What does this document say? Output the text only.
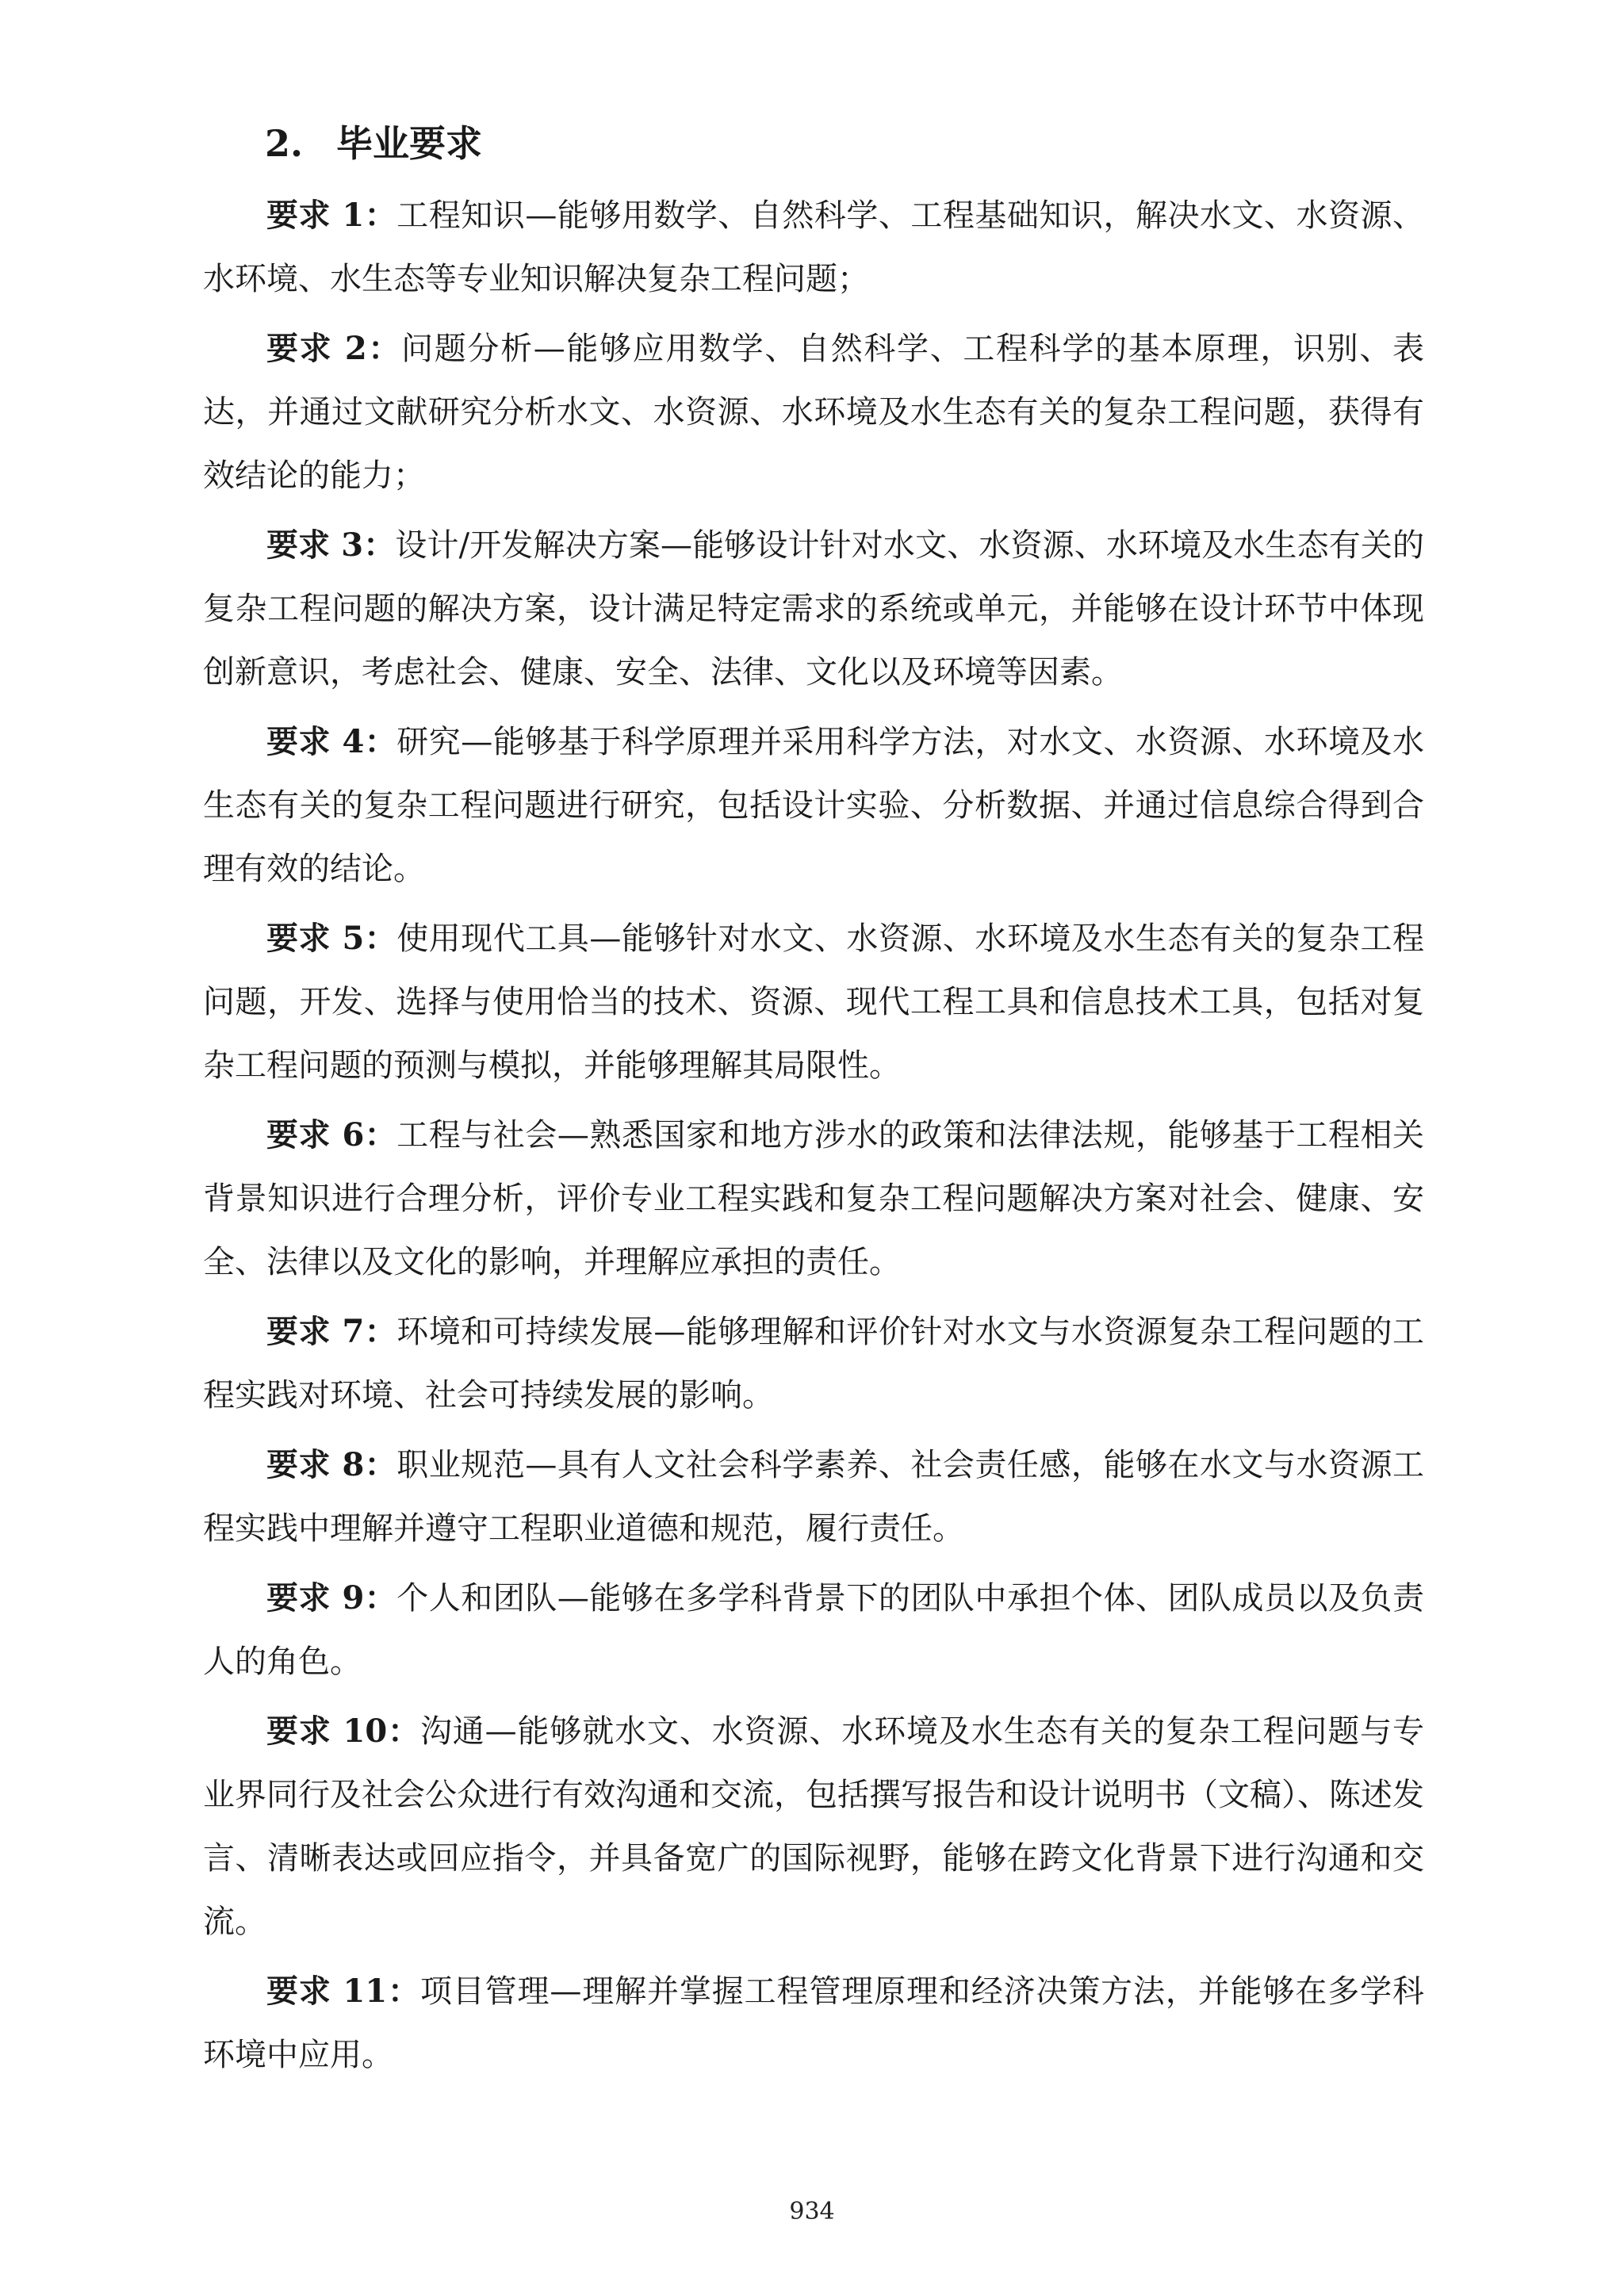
2. 毕业要求

要求 1：工程知识—能够用数学、自然科学、工程基础知识，解决水文、水资源、水环境、水生态等专业知识解决复杂工程问题；

要求 2：问题分析—能够应用数学、自然科学、工程科学的基本原理，识别、表达，并通过文献研究分析水文、水资源、水环境及水生态有关的复杂工程问题，获得有效结论的能力；

要求 3：设计/开发解决方案—能够设计针对水文、水资源、水环境及水生态有关的复杂工程问题的解决方案，设计满足特定需求的系统或单元，并能够在设计环节中体现创新意识，考虑社会、健康、安全、法律、文化以及环境等因素。

要求 4：研究—能够基于科学原理并采用科学方法，对水文、水资源、水环境及水生态有关的复杂工程问题进行研究，包括设计实验、分析数据、并通过信息综合得到合理有效的结论。

要求 5：使用现代工具—能够针对水文、水资源、水环境及水生态有关的复杂工程问题，开发、选择与使用恰当的技术、资源、现代工程工具和信息技术工具，包括对复杂工程问题的预测与模拟，并能够理解其局限性。

要求 6：工程与社会—熟悉国家和地方涉水的政策和法律法规，能够基于工程相关背景知识进行合理分析，评价专业工程实践和复杂工程问题解决方案对社会、健康、安全、法律以及文化的影响，并理解应承担的责任。

要求 7：环境和可持续发展—能够理解和评价针对水文与水资源复杂工程问题的工程实践对环境、社会可持续发展的影响。

要求 8：职业规范—具有人文社会科学素养、社会责任感，能够在水文与水资源工程实践中理解并遵守工程职业道德和规范，履行责任。

要求 9：个人和团队—能够在多学科背景下的团队中承担个体、团队成员以及负责人的角色。

要求 10：沟通—能够就水文、水资源、水环境及水生态有关的复杂工程问题与专业界同行及社会公众进行有效沟通和交流，包括撰写报告和设计说明书（文稿）、陈述发言、清晰表达或回应指令，并具备宽广的国际视野，能够在跨文化背景下进行沟通和交流。

要求 11：项目管理—理解并掌握工程管理原理和经济决策方法，并能够在多学科环境中应用。

934
